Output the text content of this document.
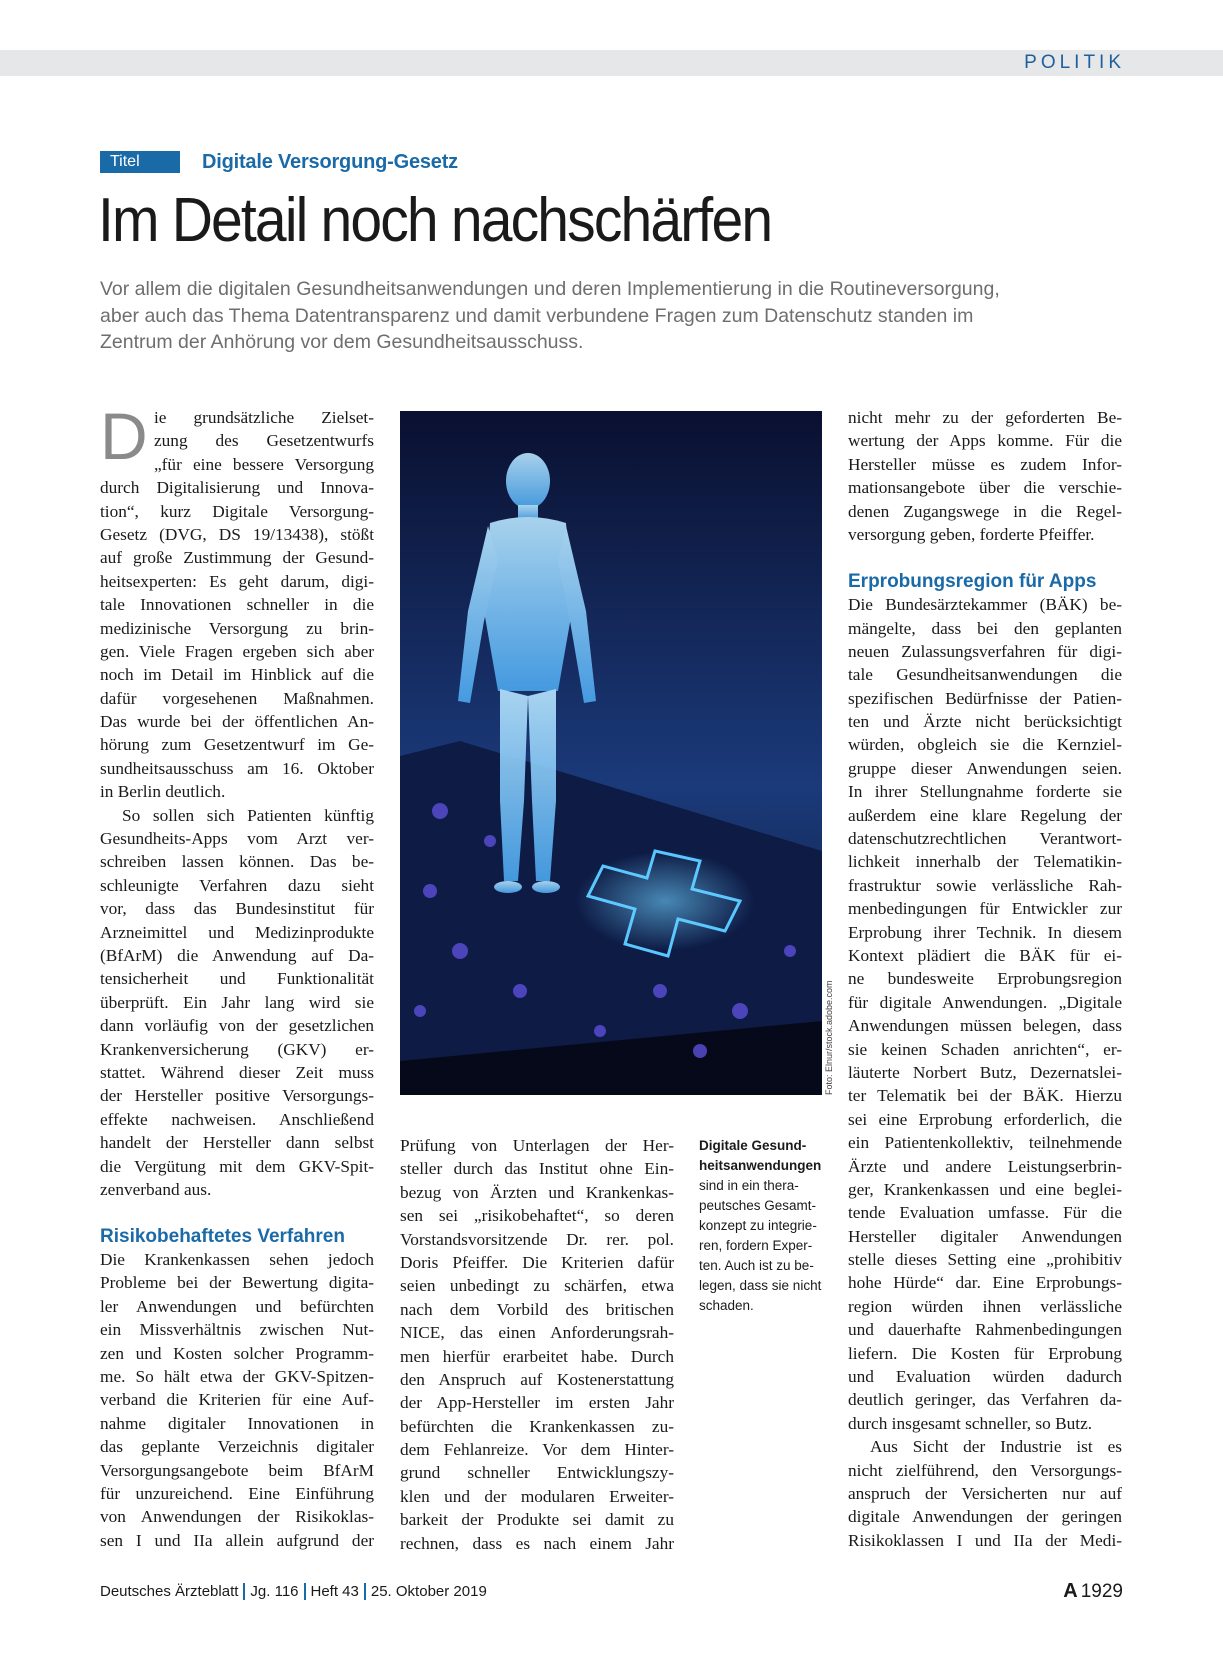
POLITIK
Titel	Digitale Versorgung-Gesetz
Im Detail noch nachschärfen
Vor allem die digitalen Gesundheitsanwendungen und deren Implementierung in die Routineversorgung,
aber auch das Thema Datentransparenz und damit verbundene Fragen zum Datenschutz standen im
Zentrum der Anhörung vor dem Gesundheitsausschuss.
D ie grundsätzliche Zielset-
zung des Gesetzentwurfs
„für eine bessere Versorgung
durch Digitalisierung und Innova-
tion“, kurz Digitale Versorgung-
Gesetz (DVG, DS 19/13438), stößt
auf große Zustimmung der Gesund-
heitsexperten: Es geht darum, digi-
tale Innovationen schneller in die
medizinische Versorgung zu brin-
gen. Viele Fragen ergeben sich aber
noch im Detail im Hinblick auf die
dafür vorgesehenen Maßnahmen.
Das wurde bei der öffentlichen An-
hörung zum Gesetzentwurf im Ge-
sundheitsausschuss am 16. Oktober
in Berlin deutlich.
So sollen sich Patienten künftig
Gesundheits-Apps vom Arzt ver-
schreiben lassen können. Das be-
schleunigte Verfahren dazu sieht
vor, dass das Bundesinstitut für
Arzneimittel und Medizinprodukte
(BfArM) die Anwendung auf Da-
tensicherheit und Funktionalität
überprüft. Ein Jahr lang wird sie
dann vorläufig von der gesetzlichen
Krankenversicherung (GKV) er-
stattet. Während dieser Zeit muss
der Hersteller positive Versorgungs-
effekte nachweisen. Anschließend
handelt der Hersteller dann selbst
die Vergütung mit dem GKV-Spit-
zenverband aus.
Risikobehaftetes Verfahren
Die Krankenkassen sehen jedoch
Probleme bei der Bewertung digita-
ler Anwendungen und befürchten
ein Missverhältnis zwischen Nut-
zen und Kosten solcher Programm-
me. So hält etwa der GKV-Spitzen-
verband die Kriterien für eine Auf-
nahme digitaler Innovationen in
das geplante Verzeichnis digitaler
Versorgungsangebote beim BfArM
für unzureichend. Eine Einführung
von Anwendungen der Risikoklas-
sen I und IIa allein aufgrund der
Foto: Elnur/stock.adobe.com
Digitale Gesund-
heitsanwendungen
sind in ein thera-
peutsches Gesamt-
konzept zu integrie-
ren, fordern Exper-
ten. Auch ist zu be-
legen, dass sie nicht
schaden.
Prüfung von Unterlagen der Her-
steller durch das Institut ohne Ein-
bezug von Ärzten und Krankenkas-
sen sei „risikobehaftet“, so deren
Vorstandsvorsitzende Dr. rer. pol.
Doris Pfeiffer. Die Kriterien dafür
seien unbedingt zu schärfen, etwa
nach dem Vorbild des britischen
NICE, das einen Anforderungsrah-
men hierfür erarbeitet habe. Durch
den Anspruch auf Kostenerstattung
der App-Hersteller im ersten Jahr
befürchten die Krankenkassen zu-
dem Fehlanreize. Vor dem Hinter-
grund schneller Entwicklungszy-
klen und der modularen Erweiter-
barkeit der Produkte sei damit zu
rechnen, dass es nach einem Jahr
nicht mehr zu der geforderten Be-
wertung der Apps komme. Für die
Hersteller müsse es zudem Infor-
mationsangebote über die verschie-
denen Zugangswege in die Regel-
versorgung geben, forderte Pfeiffer.
Erprobungsregion für Apps
Die Bundesärztekammer (BÄK) be-
mängelte, dass bei den geplanten
neuen Zulassungsverfahren für digi-
tale Gesundheitsanwendungen die
spezifischen Bedürfnisse der Patien-
ten und Ärzte nicht berücksichtigt
würden, obgleich sie die Kernziel-
gruppe dieser Anwendungen seien.
In ihrer Stellungnahme forderte sie
außerdem eine klare Regelung der
datenschutzrechtlichen Verantwort-
lichkeit innerhalb der Telematikin-
frastruktur sowie verlässliche Rah-
menbedingungen für Entwickler zur
Erprobung ihrer Technik. In diesem
Kontext plädiert die BÄK für ei-
ne bundesweite Erprobungsregion
für digitale Anwendungen. „Digitale
Anwendungen müssen belegen, dass
sie keinen Schaden anrichten“, er-
läuterte Norbert Butz, Dezernatslei-
ter Telematik bei der BÄK. Hierzu
sei eine Erprobung erforderlich, die
ein Patientenkollektiv, teilnehmende
Ärzte und andere Leistungserbrin-
ger, Krankenkassen und eine beglei-
tende Evaluation umfasse. Für die
Hersteller digitaler Anwendungen
stelle dieses Setting eine „prohibitiv
hohe Hürde“ dar. Eine Erprobungs-
region würden ihnen verlässliche
und dauerhafte Rahmenbedingungen
liefern. Die Kosten für Erprobung
und Evaluation würden dadurch
deutlich geringer, das Verfahren da-
durch insgesamt schneller, so Butz.
Aus Sicht der Industrie ist es
nicht zielführend, den Versorgungs-
anspruch der Versicherten nur auf
digitale Anwendungen der geringen
Risikoklassen I und IIa der Medi-
Deutsches Ärzteblatt Jg. 116 Heft 43 25. Oktober 2019	A 1929
